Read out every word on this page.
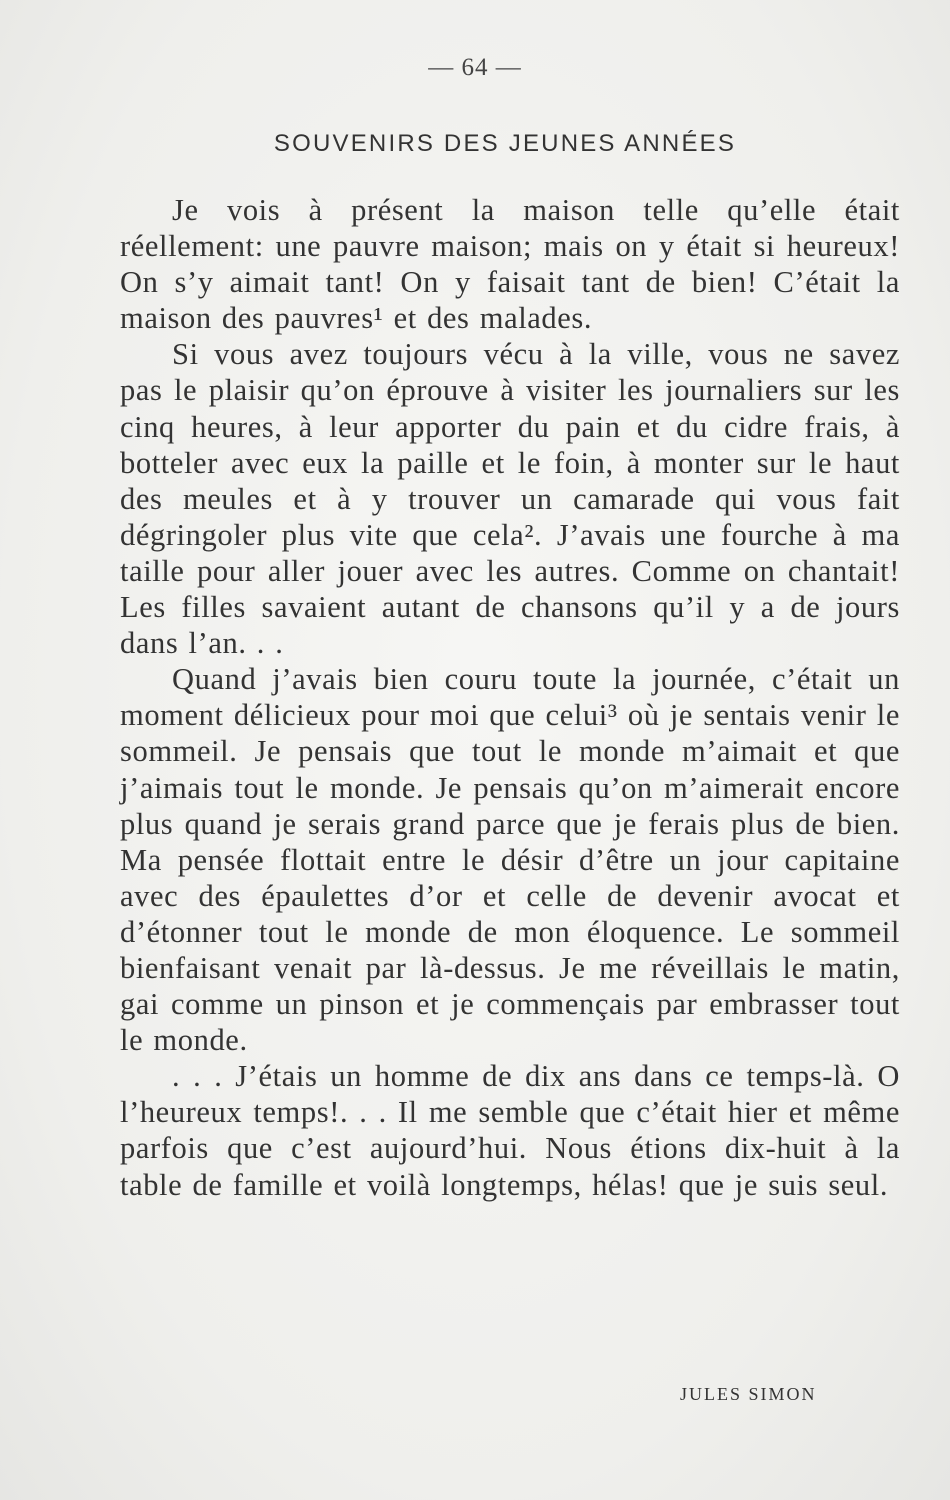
— 64 —
SOUVENIRS DES JEUNES ANNÉES

Je vois à présent la maison telle qu’elle était réellement: une pauvre maison; mais on y était si heureux! On s’y aimait tant! On y faisait tant de bien! C’était la maison des pauvres¹ et des malades.

Si vous avez toujours vécu à la ville, vous ne savez pas le plaisir qu’on éprouve à visiter les journaliers sur les cinq heures, à leur apporter du pain et du cidre frais, à botteler avec eux la paille et le foin, à monter sur le haut des meules et à y trouver un camarade qui vous fait dégringoler plus vite que cela². J’avais une fourche à ma taille pour aller jouer avec les autres. Comme on chantait! Les filles savaient autant de chansons qu’il y a de jours dans l’an. . .

Quand j’avais bien couru toute la journée, c’était un moment délicieux pour moi que celui³ où je sentais venir le sommeil. Je pensais que tout le monde m’aimait et que j’aimais tout le monde. Je pensais qu’on m’aimerait encore plus quand je serais grand parce que je ferais plus de bien. Ma pensée flottait entre le désir d’être un jour capitaine avec des épaulettes d’or et celle de devenir avocat et d’étonner tout le monde de mon éloquence. Le sommeil bienfaisant venait par là-dessus. Je me réveillais le matin, gai comme un pinson et je commençais par embrasser tout le monde.

. . . J’étais un homme de dix ans dans ce temps-là. O l’heureux temps!. . . Il me semble que c’était hier et même parfois que c’est aujourd’hui. Nous étions dix-huit à la table de famille et voilà longtemps, hélas! que je suis seul.

JULES SIMON
